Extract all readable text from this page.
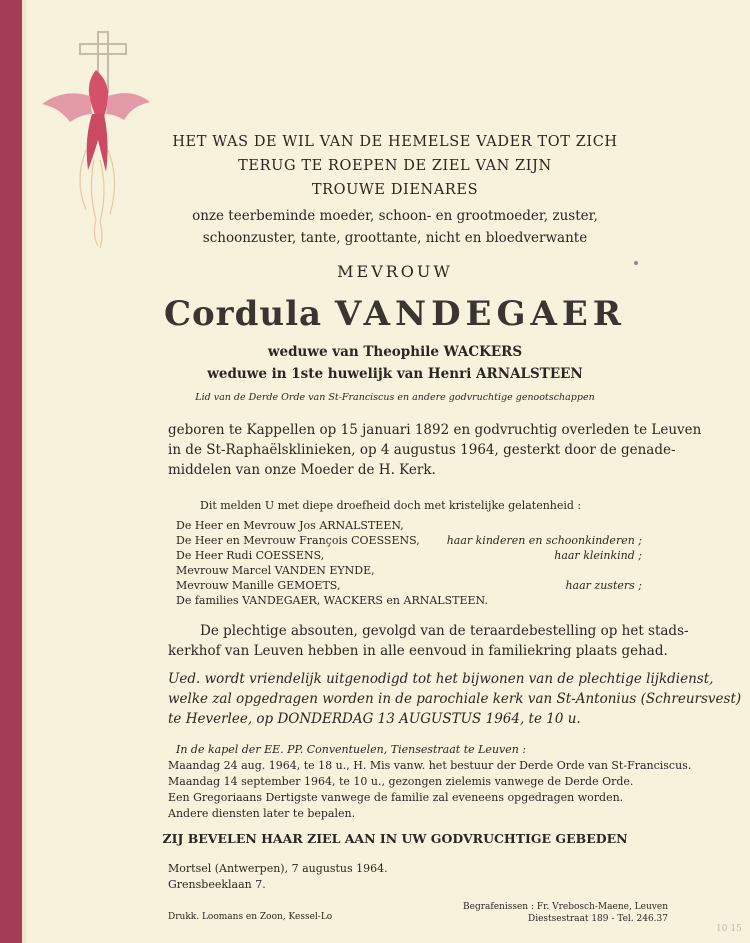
HET WAS DE WIL VAN DE HEMELSE VADER TOT ZICH
TERUG TE ROEPEN DE ZIEL VAN ZIJN
TROUWE DIENARES
onze teerbeminde moeder, schoon- en grootmoeder, zuster,
schoonzuster, tante, groottante, nicht en bloedverwante
MEVROUW
Cordula VANDEGAER
weduwe van Theophile WACKERS
weduwe in 1ste huwelijk van Henri ARNALSTEEN
Lid van de Derde Orde van St-Franciscus en andere godvruchtige genootschappen
geboren te Kappellen op 15 januari 1892 en godvruchtig overleden te Leuven
in de St-Raphaëlsklinieken, op 4 augustus 1964, gesterkt door de genade-
middelen van onze Moeder de H. Kerk.
Dit melden U met diepe droefheid doch met kristelijke gelatenheid :
De Heer en Mevrouw Jos ARNALSTEEN,
De Heer en Mevrouw François COESSENS, haar kinderen en schoonkinderen ;
De Heer Rudi COESSENS,	haar kleinkind ;
Mevrouw Marcel VANDEN EYNDE,
Mevrouw Manille GEMOETS,	haar zusters ;
De families VANDEGAER, WACKERS en ARNALSTEEN.
De plechtige absouten, gevolgd van de teraardebestelling op het stads-
kerkhof van Leuven hebben in alle eenvoud in familiekring plaats gehad.
Ued. wordt vriendelijk uitgenodigd tot het bijwonen van de plechtige lijkdienst,
welke zal opgedragen worden in de parochiale kerk van St-Antonius (Schreursvest)
te Heverlee, op DONDERDAG 13 AUGUSTUS 1964, te 10 u.
In de kapel der EE. PP. Conventuelen, Tiensestraat te Leuven :
Maandag 24 aug. 1964, te 18 u., H. Mis vanw. het bestuur der Derde Orde van St-Franciscus.
Maandag 14 september 1964, te 10 u., gezongen zielemis vanwege de Derde Orde.
Een Gregoriaans Dertigste vanwege de familie zal eveneens opgedragen worden.
Andere diensten later te bepalen.
ZIJ BEVELEN HAAR ZIEL AAN IN UW GODVRUCHTIGE GEBEDEN
Mortsel (Antwerpen), 7 augustus 1964.
Grensbeeklaan 7.
Drukk. Loomans en Zoon, Kessel-Lo
Begrafenissen : Fr. Vrebosch-Maene, Leuven
Diestsestraat 189 - Tel. 246.37
10 15
